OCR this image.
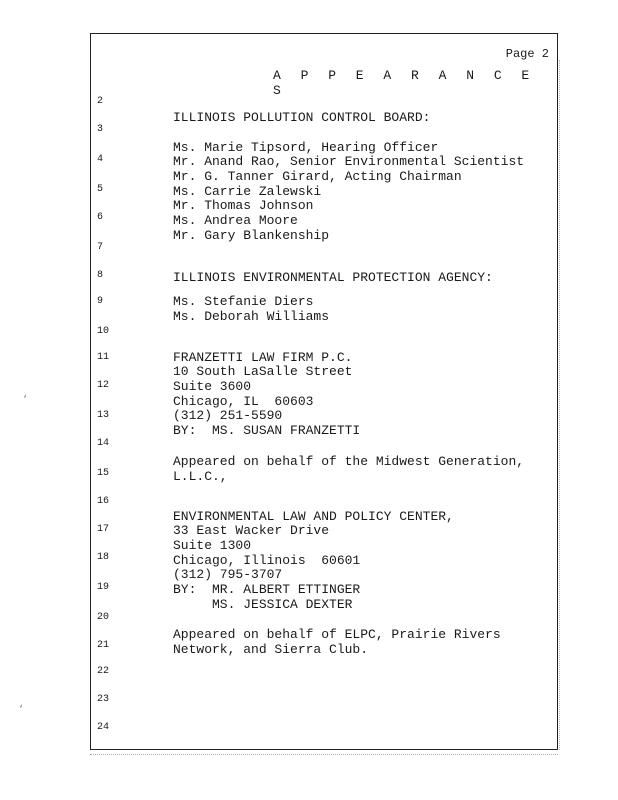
Page 2
A P P E A R A N C E S
2
3
4
5
6
7
8
9
10
11
12
13
14
15
16
17
18
19
20
21
22
23
24
ILLINOIS POLLUTION CONTROL BOARD:
Ms. Marie Tipsord, Hearing Officer
Mr. Anand Rao, Senior Environmental Scientist
Mr. G. Tanner Girard, Acting Chairman
Ms. Carrie Zalewski
Mr. Thomas Johnson
Ms. Andrea Moore
Mr. Gary Blankenship
ILLINOIS ENVIRONMENTAL PROTECTION AGENCY:
Ms. Stefanie Diers
Ms. Deborah Williams
FRANZETTI LAW FIRM P.C.
10 South LaSalle Street
Suite 3600
Chicago, IL  60603
(312) 251-5590
BY:  MS. SUSAN FRANZETTI
Appeared on behalf of the Midwest Generation,
L.L.C.,
ENVIRONMENTAL LAW AND POLICY CENTER,
33 East Wacker Drive
Suite 1300
Chicago, Illinois  60601
(312) 795-3707
BY:  MR. ALBERT ETTINGER
MS. JESSICA DEXTER
Appeared on behalf of ELPC, Prairie Rivers
Network, and Sierra Club.
‘
‘
